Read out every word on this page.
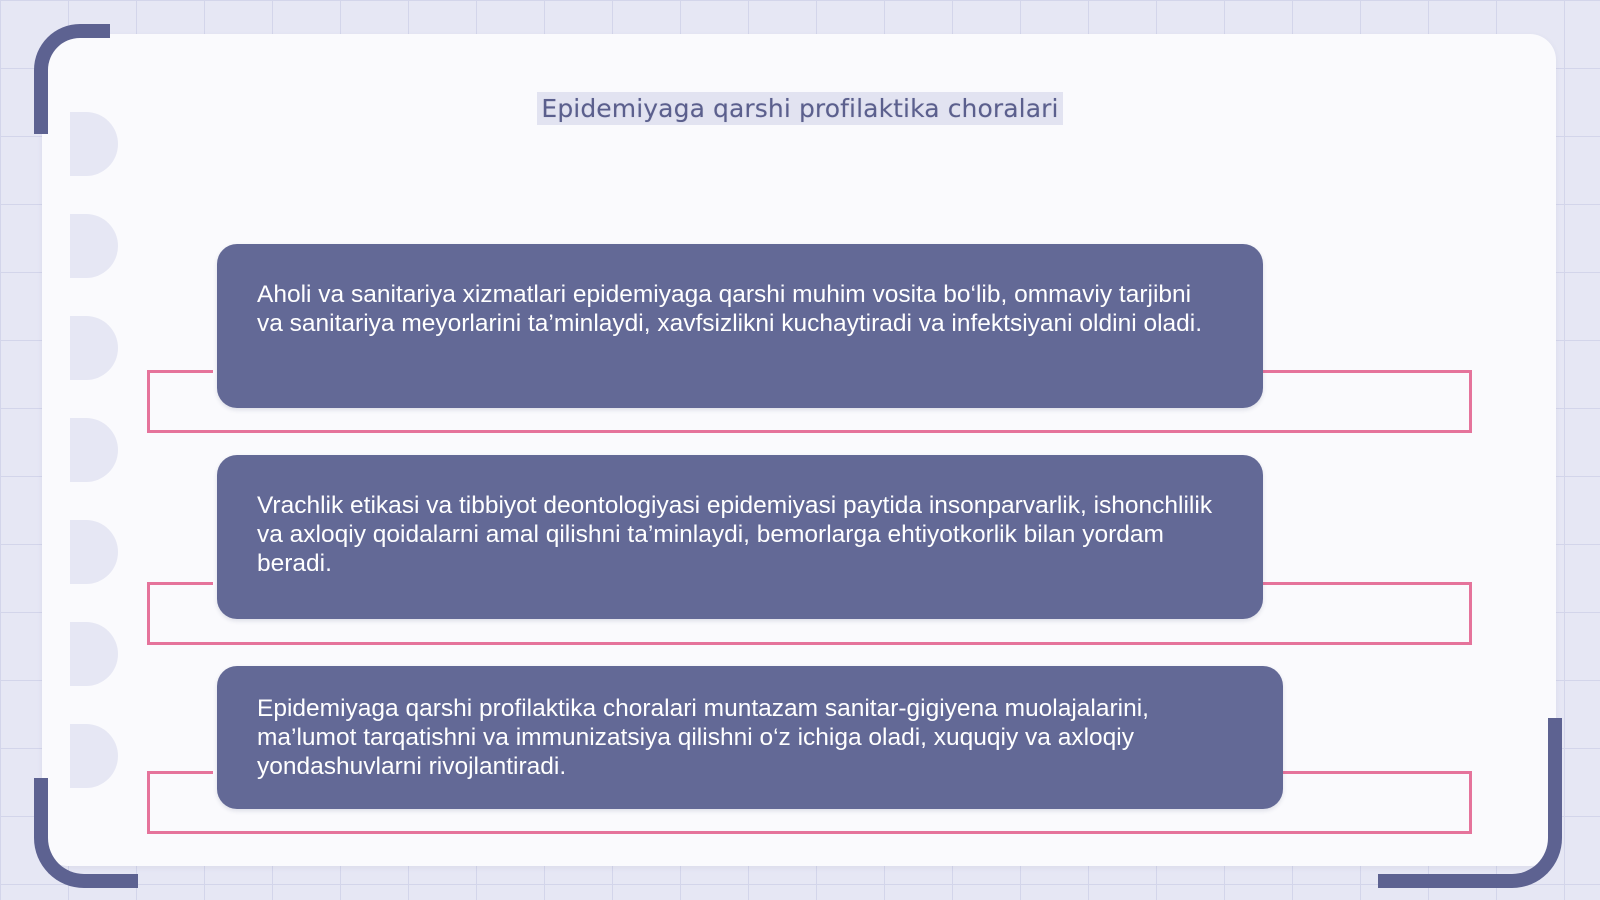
Epidemiyaga qarshi profilaktika choralari
Aholi va sanitariya xizmatlari epidemiyaga qarshi muhim vosita bo‘lib, ommaviy tarjibni va sanitariya meyorlarini ta’minlaydi, xavfsizlikni kuchaytiradi va infektsiyani oldini oladi.
Vrachlik etikasi va tibbiyot deontologiyasi epidemiyasi paytida insonparvarlik, ishonchlilik va axloqiy qoidalarni amal qilishni ta’minlaydi, bemorlarga ehtiyotkorlik bilan yordam beradi.
Epidemiyaga qarshi profilaktika choralari muntazam sanitar-gigiyena muolajalarini, ma’lumot tarqatishni va immunizatsiya qilishni o‘z ichiga oladi, xuquqiy va axloqiy yondashuvlarni rivojlantiradi.
